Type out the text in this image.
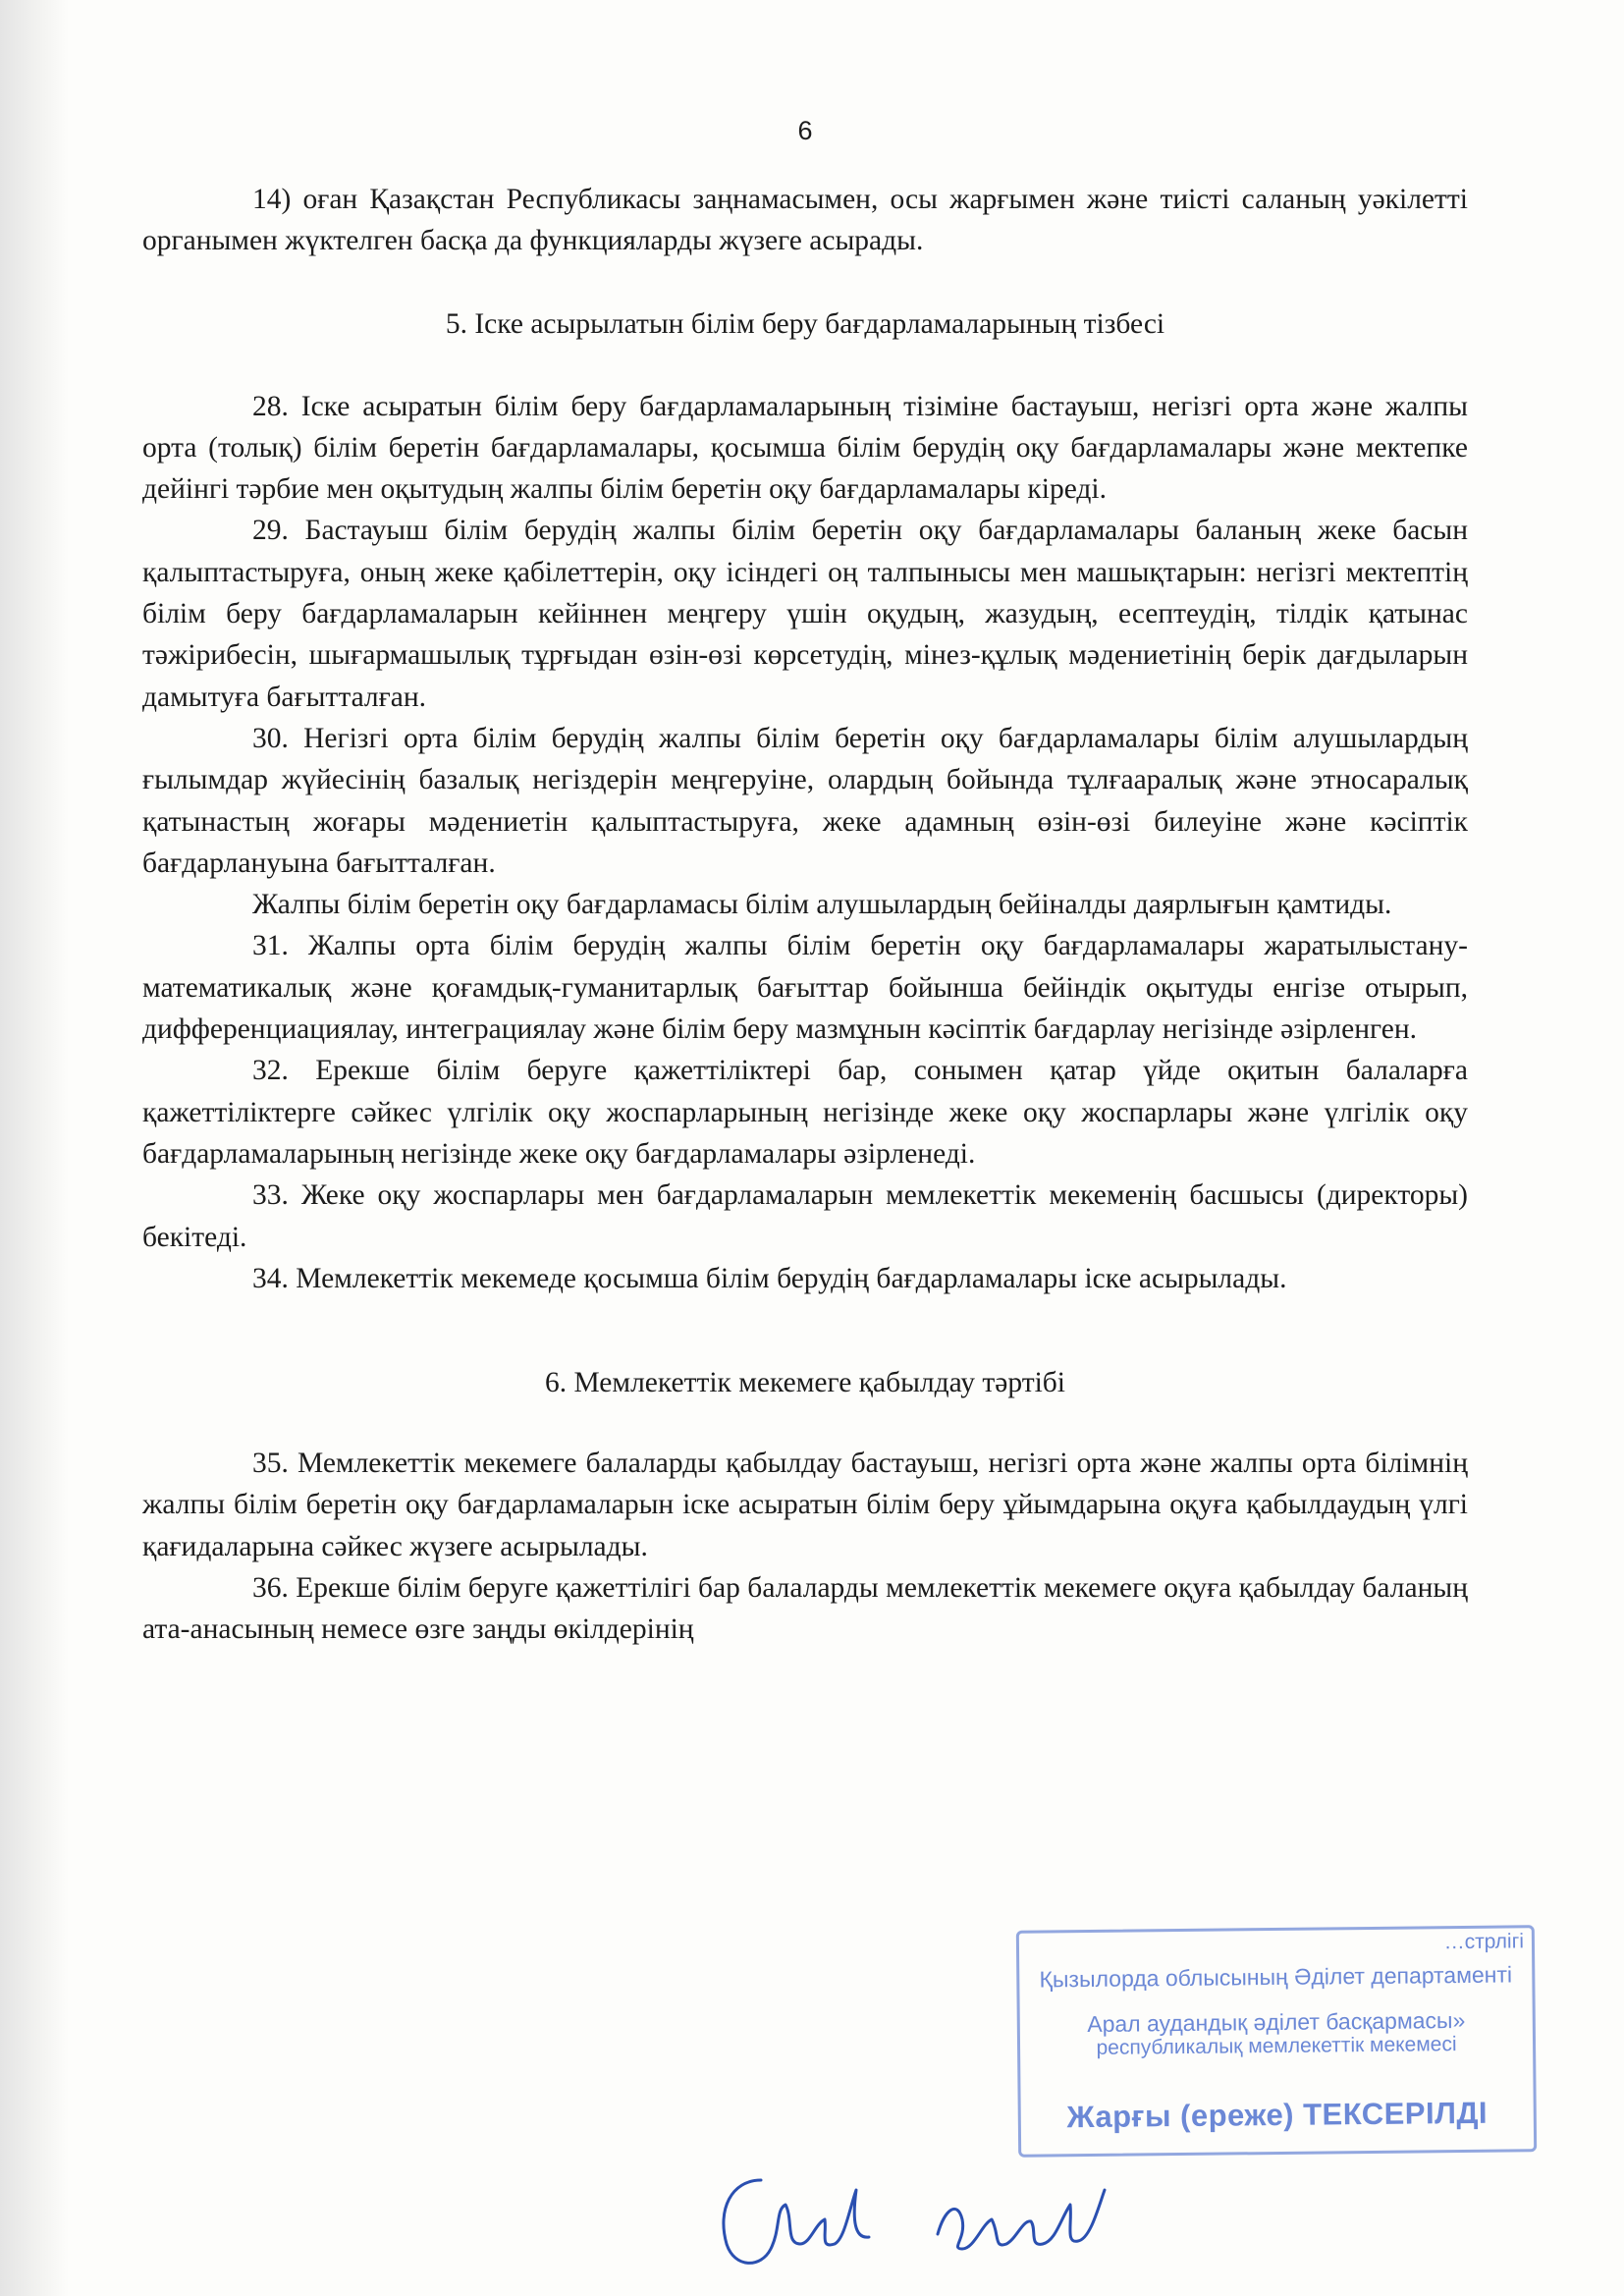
6

14) оған Қазақстан Республикасы заңнамасымен, осы жарғымен және тиісті саланың уәкілетті органымен жүктелген басқа да функцияларды жүзеге асырады.

5. Іске асырылатын білім беру бағдарламаларының тізбесі

28. Іске асыратын білім беру бағдарламаларының тізіміне бастауыш, негізгі орта және жалпы орта (толық) білім беретін бағдарламалары, қосымша білім берудің оқу бағдарламалары және мектепке дейінгі тәрбие мен оқытудың жалпы білім беретін оқу бағдарламалары кіреді.

29. Бастауыш білім берудің жалпы білім беретін оқу бағдарламалары баланың жеке басын қалыптастыруға, оның жеке қабілеттерін, оқу ісіндегі оң талпынысы мен машықтарын: негізгі мектептің білім беру бағдарламаларын кейіннен меңгеру үшін оқудың, жазудың, есептеудің, тілдік қатынас тәжірибесін, шығармашылық тұрғыдан өзін-өзі көрсетудің, мінез-құлық мәдениетінің берік дағдыларын дамытуға бағытталған.

30. Негізгі орта білім берудің жалпы білім беретін оқу бағдарламалары білім алушылардың ғылымдар жүйесінің базалық негіздерін меңгеруіне, олардың бойында тұлғааралық және этносаралық қатынастың жоғары мәдениетін қалыптастыруға, жеке адамның өзін-өзі билеуіне және кәсіптік бағдарлануына бағытталған.

Жалпы білім беретін оқу бағдарламасы білім алушылардың бейіналды даярлығын қамтиды.

31. Жалпы орта білім берудің жалпы білім беретін оқу бағдарламалары жаратылыстану-математикалық және қоғамдық-гуманитарлық бағыттар бойынша бейіндік оқытуды енгізе отырып, дифференциациялау, интеграциялау және білім беру мазмұнын кәсіптік бағдарлау негізінде әзірленген.

32. Ерекше білім беруге қажеттіліктері бар, сонымен қатар үйде оқитын балаларға қажеттіліктерге сәйкес үлгілік оқу жоспарларының негізінде жеке оқу жоспарлары және үлгілік оқу бағдарламаларының негізінде жеке оқу бағдарламалары әзірленеді.

33. Жеке оқу жоспарлары мен бағдарламаларын мемлекеттік мекеменің басшысы (директоры) бекітеді.

34. Мемлекеттік мекемеде қосымша білім берудің бағдарламалары іске асырылады.

6. Мемлекеттік мекемеге қабылдау тәртібі

35. Мемлекеттік мекемеге балаларды қабылдау бастауыш, негізгі орта және жалпы орта білімнің жалпы білім беретін оқу бағдарламаларын іске асыратын білім беру ұйымдарына оқуға қабылдаудың үлгі қағидаларына сәйкес жүзеге асырылады.

36. Ерекше білім беруге қажеттілігі бар балаларды мемлекеттік мекемеге оқуға қабылдау баланың ата-анасының немесе өзге заңды өкілдерінің

…стрлігі
Қызылорда облысының Әділет департаменті
Арал аудандық әділет басқармасы»
республикалық мемлекеттік мекемесі
Жарғы (ереже) ТЕКСЕРІЛДІ
